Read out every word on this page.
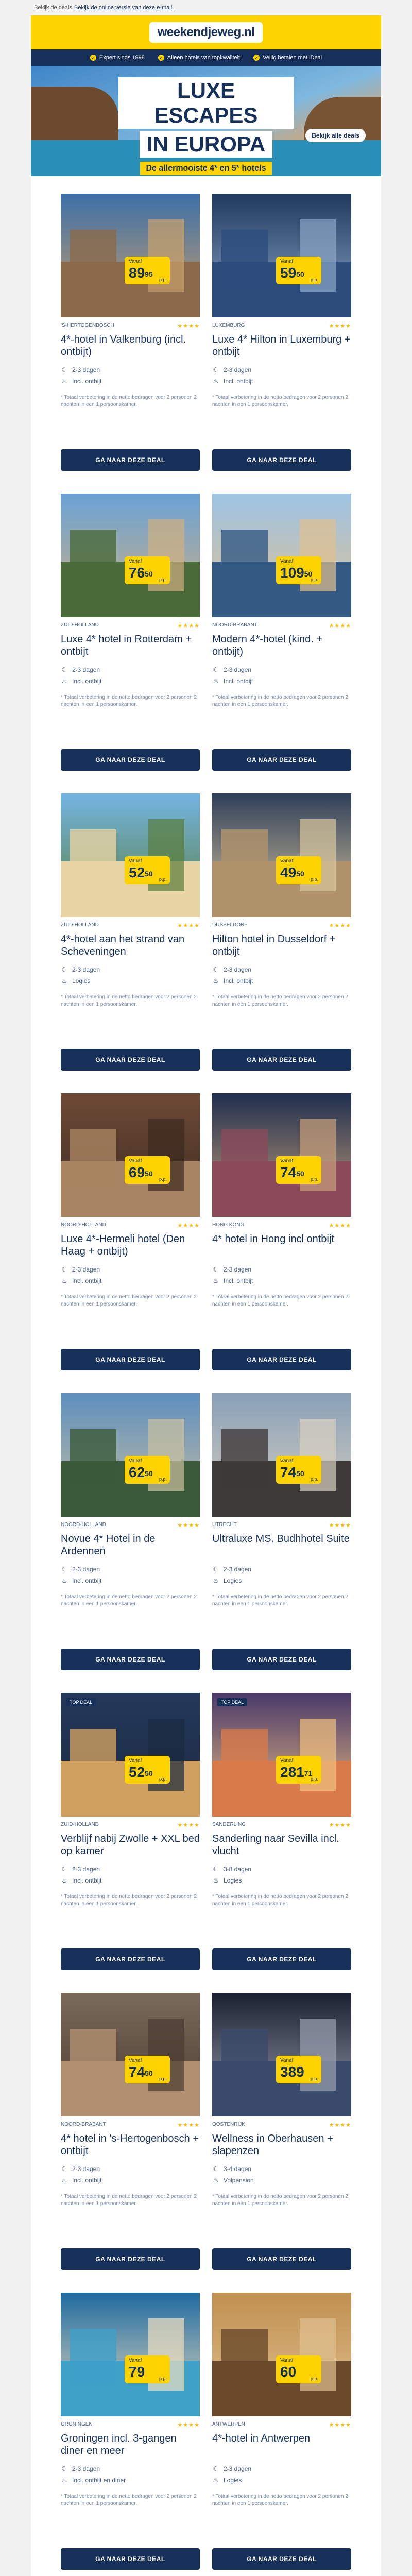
Bekijk de deals Bekijk de online versie van deze e-mail.
weekendjeweg.nl
✓ Expert sinds 1998	✓ Alleen hotels van topkwaliteit	✓ Veilig betalen met iDeal
LUXE ESCAPES
IN EUROPA
De allermooiste 4* en 5* hotels
Bekijk alle deals
Vanaf
$89^{95}$
p.p.
'S-HERTOGENBOSCH	★★★★
4*-hotel in Valkenburg (incl. ontbijt)
☾ 2-3 dagen
♨ Incl. ontbijt
* Totaal verbetering in de netto bedragen voor 2 personen 2 nachten in een 1 persoonskamer.
GA NAAR DEZE DEAL
Vanaf
$59^{50}$
p.p.
LUXEMBURG	★★★★
Luxe 4* Hilton in Luxemburg + ontbijt
☾ 2-3 dagen
♨ Incl. ontbijt
* Totaal verbetering in de netto bedragen voor 2 personen 2 nachten in een 1 persoonskamer.
GA NAAR DEZE DEAL
Vanaf
$76^{50}$
p.p.
ZUID-HOLLAND	★★★★
Luxe 4* hotel in Rotterdam + ontbijt
☾ 2-3 dagen
♨ Incl. ontbijt
* Totaal verbetering in de netto bedragen voor 2 personen 2 nachten in een 1 persoonskamer.
GA NAAR DEZE DEAL
Vanaf
$109^{50}$
p.p.
NOORD-BRABANT	★★★★
Modern 4*-hotel (kind. + ontbijt)
☾ 2-3 dagen
♨ Incl. ontbijt
* Totaal verbetering in de netto bedragen voor 2 personen 2 nachten in een 1 persoonskamer.
GA NAAR DEZE DEAL
Vanaf
$52^{50}$
p.p.
ZUID-HOLLAND	★★★★
4*-hotel aan het strand van Scheveningen
☾ 2-3 dagen
♨ Logies
* Totaal verbetering in de netto bedragen voor 2 personen 2 nachten in een 1 persoonskamer.
GA NAAR DEZE DEAL
Vanaf
$49^{50}$
p.p.
DUSSELDORF	★★★★
Hilton hotel in Dusseldorf + ontbijt
☾ 2-3 dagen
♨ Incl. ontbijt
* Totaal verbetering in de netto bedragen voor 2 personen 2 nachten in een 1 persoonskamer.
GA NAAR DEZE DEAL
Vanaf
$69^{50}$
p.p.
NOORD-HOLLAND	★★★★
Luxe 4*-Hermeli hotel (Den Haag + ontbijt)
☾ 2-3 dagen
♨ Incl. ontbijt
* Totaal verbetering in de netto bedragen voor 2 personen 2 nachten in een 1 persoonskamer.
GA NAAR DEZE DEAL
Vanaf
$74^{50}$
p.p.
HONG KONG	★★★★
4* hotel in Hong incl ontbijt
☾ 2-3 dagen
♨ Incl. ontbijt
* Totaal verbetering in de netto bedragen voor 2 personen 2 nachten in een 1 persoonskamer.
GA NAAR DEZE DEAL
Vanaf
$62^{50}$
p.p.
NOORD-HOLLAND	★★★★
Novue 4* Hotel in de Ardennen
☾ 2-3 dagen
♨ Incl. ontbijt
* Totaal verbetering in de netto bedragen voor 2 personen 2 nachten in een 1 persoonskamer.
GA NAAR DEZE DEAL
Vanaf
$74^{50}$
p.p.
UTRECHT	★★★★
Ultraluxe MS. Budhhotel Suite
☾ 2-3 dagen
♨ Logies
* Totaal verbetering in de netto bedragen voor 2 personen 2 nachten in een 1 persoonskamer.
GA NAAR DEZE DEAL
TOP DEAL
Vanaf
$52^{50}$
p.p.
ZUID-HOLLAND	★★★★
Verblijf nabij Zwolle + XXL bed op kamer
☾ 2-3 dagen
♨ Incl. ontbijt
* Totaal verbetering in de netto bedragen voor 2 personen 2 nachten in een 1 persoonskamer.
GA NAAR DEZE DEAL
TOP DEAL
Vanaf
$281^{71}$
p.p.
SANDERLING	★★★★
Sanderling naar Sevilla incl. vlucht
☾ 3-8 dagen
♨ Logies
* Totaal verbetering in de netto bedragen voor 2 personen 2 nachten in een 1 persoonskamer.
GA NAAR DEZE DEAL
Vanaf
$74^{50}$
p.p.
NOORD-BRABANT	★★★★
4* hotel in 's-Hertogenbosch + ontbijt
☾ 2-3 dagen
♨ Incl. ontbijt
* Totaal verbetering in de netto bedragen voor 2 personen 2 nachten in een 1 persoonskamer.
GA NAAR DEZE DEAL
Vanaf
389 p.p.
OOSTENRIJK	★★★★
Wellness in Oberhausen + slapenzen
☾ 3-4 dagen
♨ Volpension
* Totaal verbetering in de netto bedragen voor 2 personen 2 nachten in een 1 persoonskamer.
GA NAAR DEZE DEAL
Vanaf
79	p.p.
GRONINGEN	★★★★
Groningen incl. 3-gangen diner en meer
☾ 2-3 dagen
♨ Incl. ontbijt en diner
* Totaal verbetering in de netto bedragen voor 2 personen 2 nachten in een 1 persoonskamer.
GA NAAR DEZE DEAL
Vanaf
60	p.p.
ANTWERPEN	★★★★
4*-hotel in Antwerpen
☾ 2-3 dagen
♨ Logies
* Totaal verbetering in de netto bedragen voor 2 personen 2 nachten in een 1 persoonskamer.
GA NAAR DEZE DEAL
